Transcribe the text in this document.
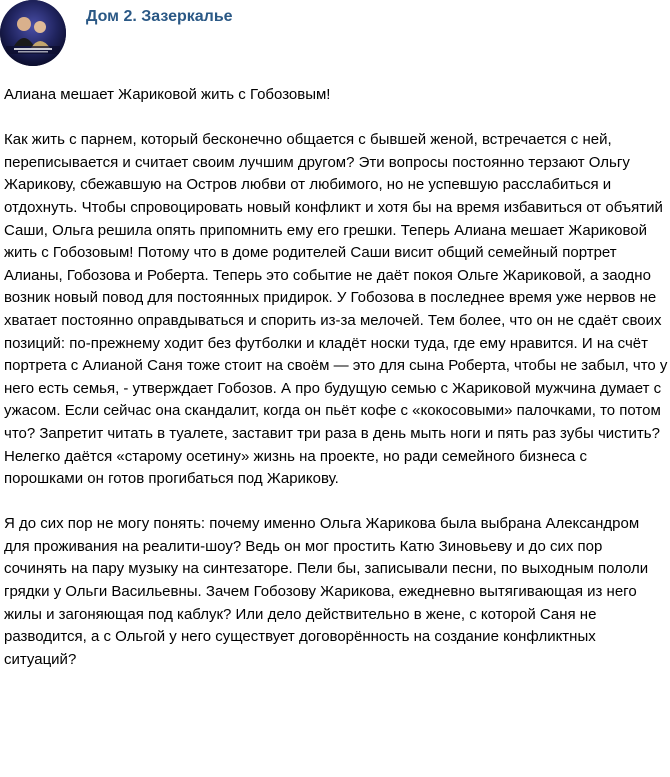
Дом 2. Зазеркалье

Алиана мешает Жариковой жить с Гобозовым!

Как жить с парнем, который бесконечно общается с бывшей женой, встречается с ней, переписывается и считает своим лучшим другом? Эти вопросы постоянно терзают Ольгу Жарикову, сбежавшую на Остров любви от любимого, но не успевшую расслабиться и отдохнуть. Чтобы спровоцировать новый конфликт и хотя бы на время избавиться от объятий Саши, Ольга решила опять припомнить ему его грешки. Теперь Алиана мешает Жариковой жить с Гобозовым! Потому что в доме родителей Саши висит общий семейный портрет Алианы, Гобозова и Роберта. Теперь это событие не даёт покоя Ольге Жариковой, а заодно возник новый повод для постоянных придирок. У Гобозова в последнее время уже нервов не хватает постоянно оправдываться и спорить из-за мелочей. Тем более, что он не сдаёт своих позиций: по-прежнему ходит без футболки и кладёт носки туда, где ему нравится. И на счёт портрета с Алианой Саня тоже стоит на своём — это для сына Роберта, чтобы не забыл, что у него есть семья, - утверждает Гобозов. А про будущую семью с Жариковой мужчина думает с ужасом. Если сейчас она скандалит, когда он пьёт кофе с «кокосовыми» палочками, то потом что? Запретит читать в туалете, заставит три раза в день мыть ноги и пять раз зубы чистить? Нелегко даётся «старому осетину» жизнь на проекте, но ради семейного бизнеса с порошками он готов прогибаться под Жарикову.

Я до сих пор не могу понять: почему именно Ольга Жарикова была выбрана Александром для проживания на реалити-шоу? Ведь он мог простить Катю Зиновьеву и до сих пор сочинять на пару музыку на синтезаторе. Пели бы, записывали песни, по выходным пололи грядки у Ольги Васильевны. Зачем Гобозову Жарикова, ежедневно вытягивающая из него жилы и загоняющая под каблук? Или дело действительно в жене, с которой Саня не разводится, а с Ольгой у него существует договорённость на создание конфликтных ситуаций?
